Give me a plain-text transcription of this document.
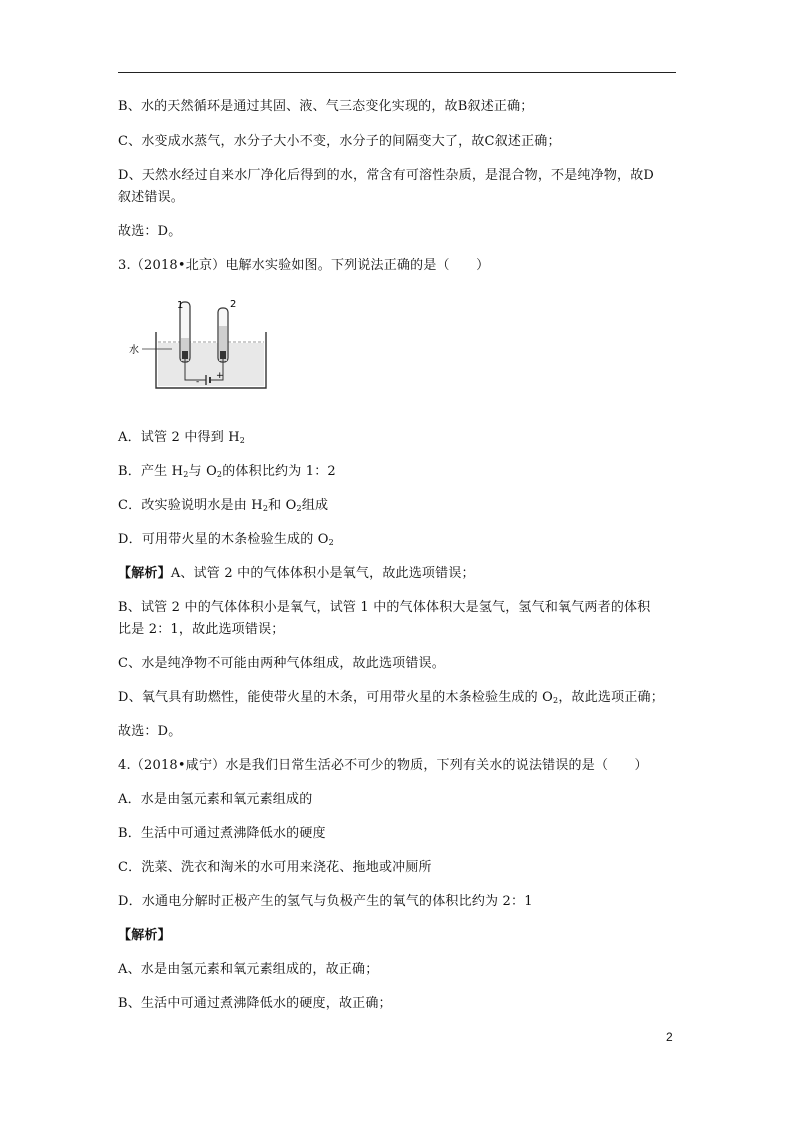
B、水的天然循环是通过其固、液、气三态变化实现的，故B叙述正确；
C、水变成水蒸气，水分子大小不变，水分子的间隔变大了，故C叙述正确；
D、天然水经过自来水厂净化后得到的水，常含有可溶性杂质，是混合物，不是纯净物，故D
叙述错误。
故选：D。
3.（2018•北京）电解水实验如图。下列说法正确的是（　　）
水
1	2
-
+
A．试管 2 中得到 $H_2$
B．产生 $H_2$与 $O_2$的体积比约为 1：2
C．改实验说明水是由 $H_2$和 $O_2$组成
D．可用带火星的木条检验生成的 $O_2$
【解析】A、试管 2 中的气体体积小是氧气，故此选项错误；
B、试管 2 中的气体体积小是氧气，试管 1 中的气体体积大是氢气，氢气和氧气两者的体积
比是 2：1，故此选项错误；
C、水是纯净物不可能由两种气体组成，故此选项错误。
D、氧气具有助燃性，能使带火星的木条，可用带火星的木条检验生成的 $O_2$，故此选项正确；
故选：D。
4.（2018•咸宁）水是我们日常生活必不可少的物质，下列有关水的说法错误的是（　　）
A．水是由氢元素和氧元素组成的
B．生活中可通过煮沸降低水的硬度
C．洗菜、洗衣和淘米的水可用来浇花、拖地或冲厕所
D．水通电分解时正极产生的氢气与负极产生的氧气的体积比约为 2：1
【解析】
A、水是由氢元素和氧元素组成的，故正确；
B、生活中可通过煮沸降低水的硬度，故正确；
2
